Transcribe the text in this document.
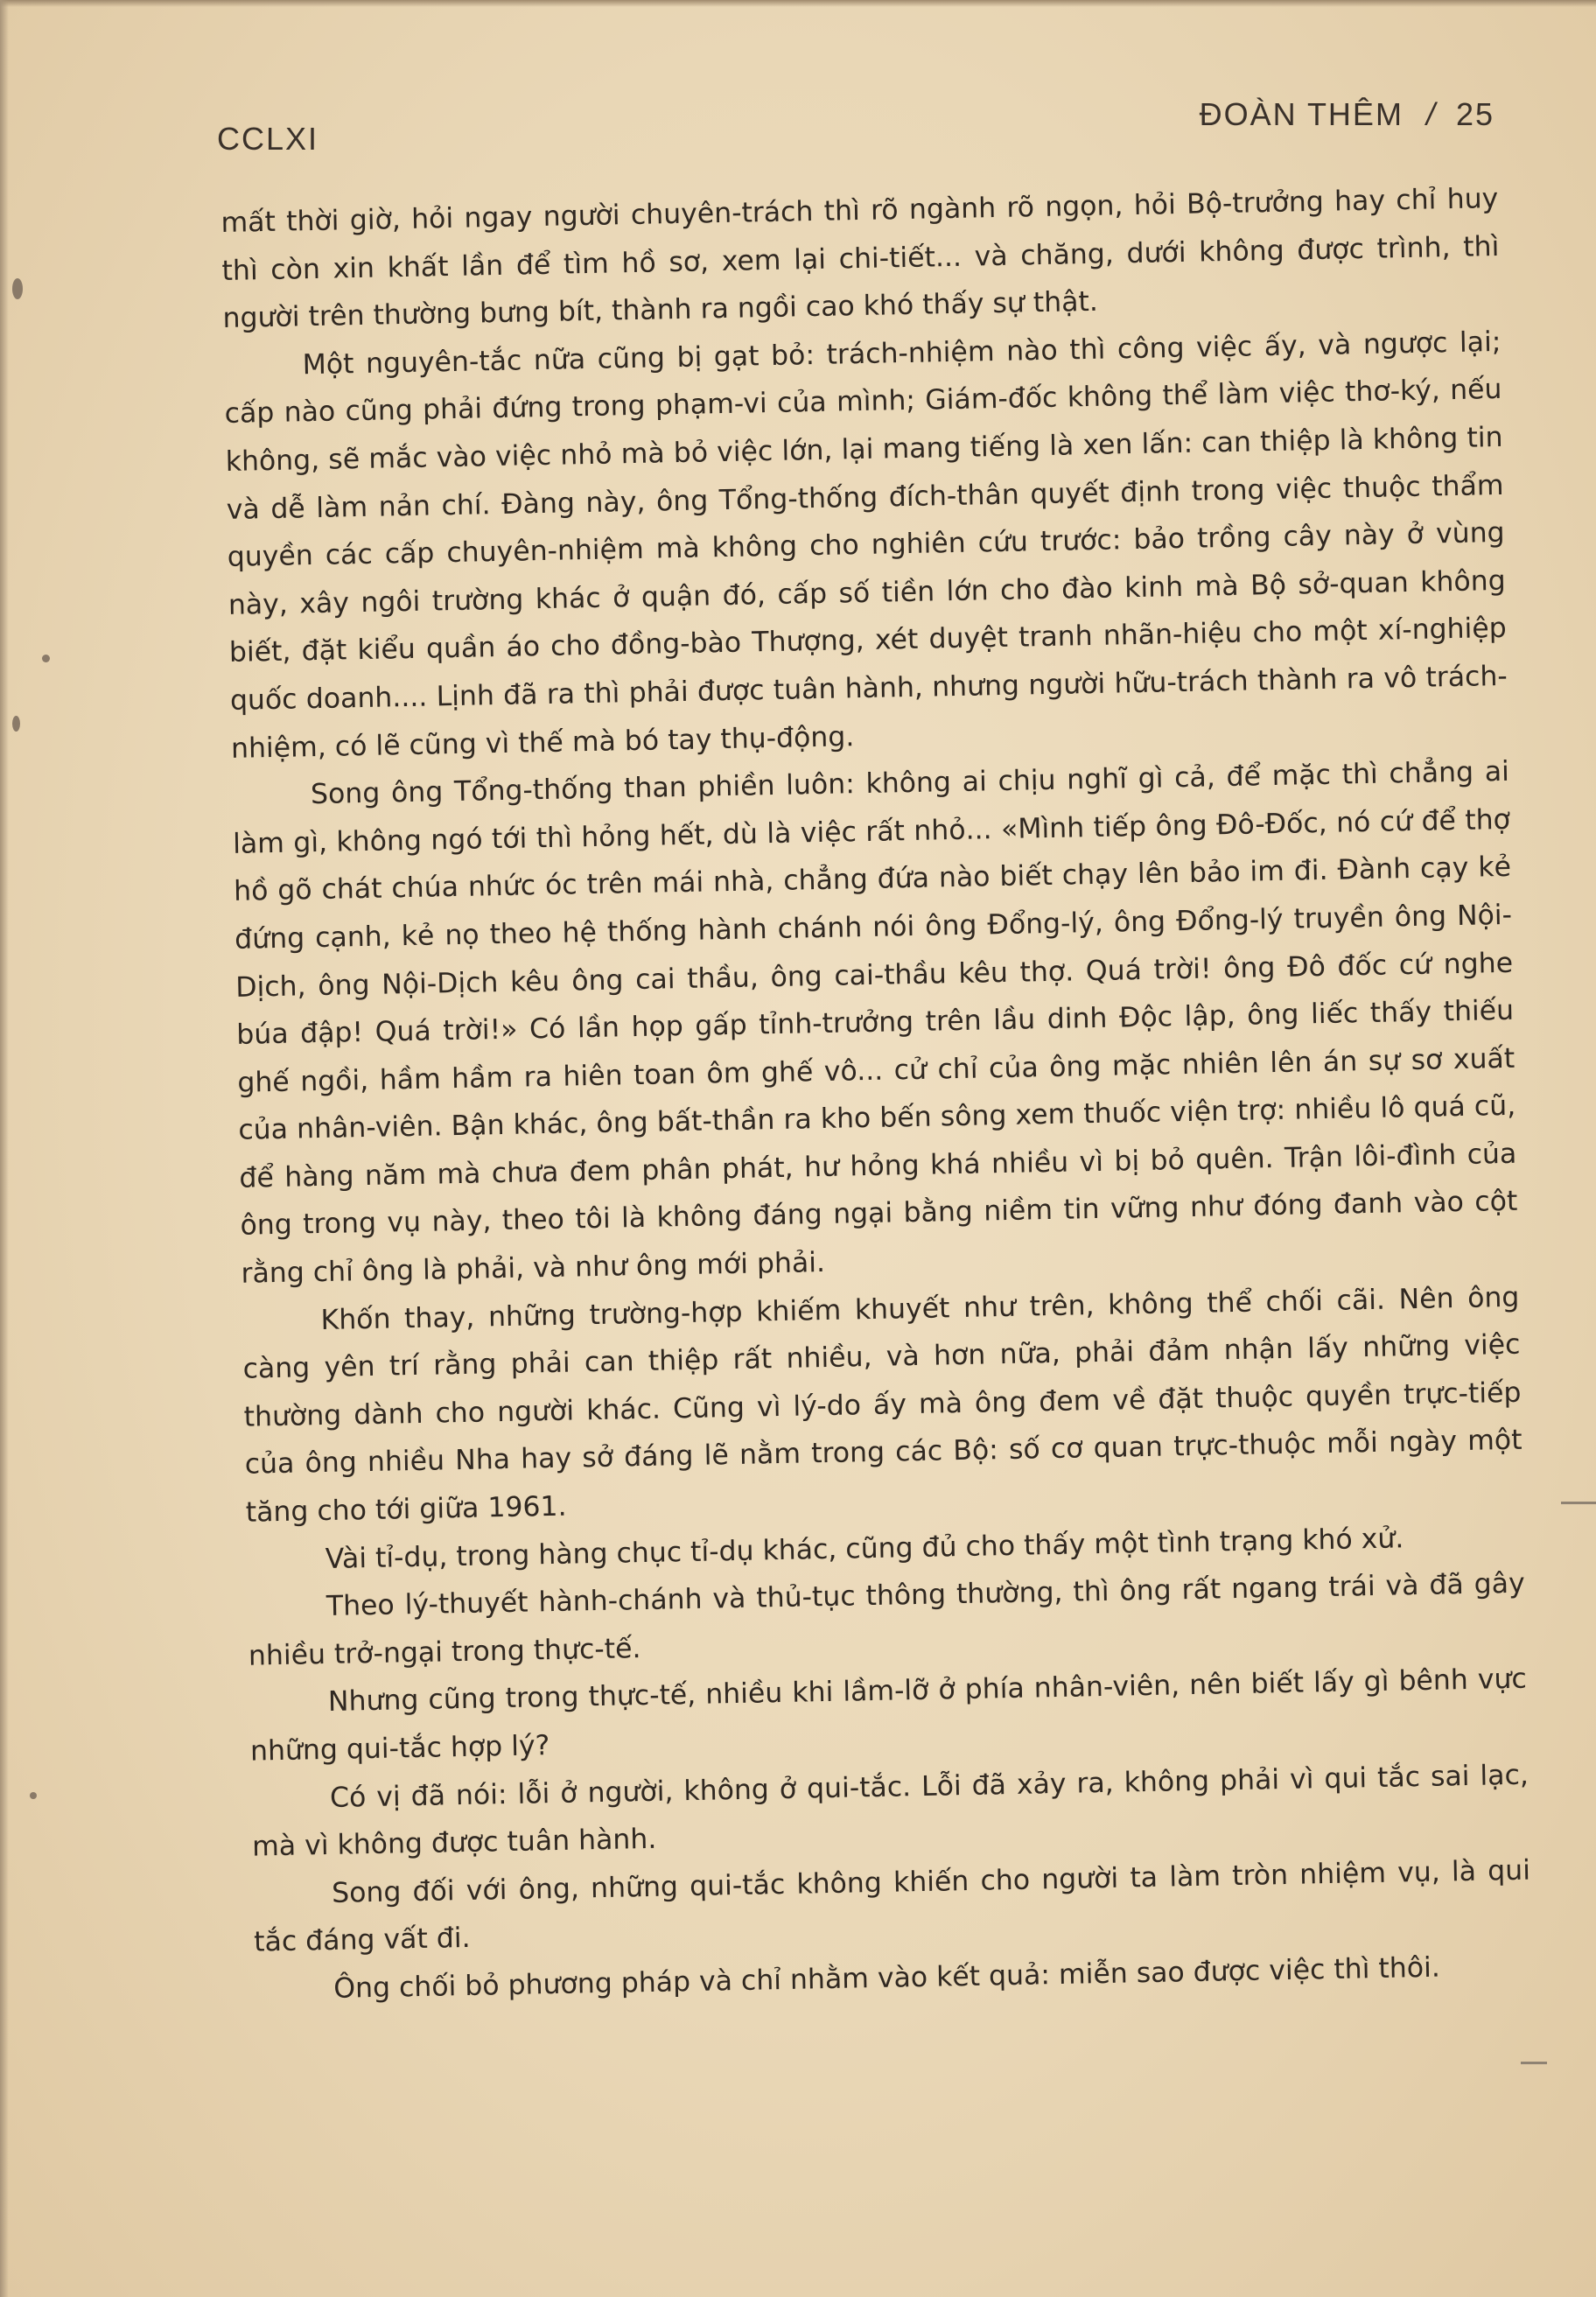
CCLXI
ĐOÀN THÊM / 25

mất thời giờ, hỏi ngay người chuyên-trách thì rõ ngành rõ ngọn, hỏi Bộ-trưởng hay chỉ huy thì còn xin khất lần để tìm hồ sơ, xem lại chi-tiết... và chăng, dưới không được trình, thì người trên thường bưng bít, thành ra ngồi cao khó thấy sự thật.

Một nguyên-tắc nữa cũng bị gạt bỏ: trách-nhiệm nào thì công việc ấy, và ngược lại; cấp nào cũng phải đứng trong phạm-vi của mình; Giám-đốc không thể làm việc thơ-ký, nếu không, sẽ mắc vào việc nhỏ mà bỏ việc lớn, lại mang tiếng là xen lấn: can thiệp là không tin và dễ làm nản chí. Đàng này, ông Tổng-thống đích-thân quyết định trong việc thuộc thẩm quyền các cấp chuyên-nhiệm mà không cho nghiên cứu trước: bảo trồng cây này ở vùng này, xây ngôi trường khác ở quận đó, cấp số tiền lớn cho đào kinh mà Bộ sở-quan không biết, đặt kiểu quần áo cho đồng-bào Thượng, xét duyệt tranh nhãn-hiệu cho một xí-nghiệp quốc doanh.... Lịnh đã ra thì phải được tuân hành, nhưng người hữu-trách thành ra vô trách-nhiệm, có lẽ cũng vì thế mà bó tay thụ-động.

Song ông Tổng-thống than phiền luôn: không ai chịu nghĩ gì cả, để mặc thì chẳng ai làm gì, không ngó tới thì hỏng hết, dù là việc rất nhỏ... «Mình tiếp ông Đô-Đốc, nó cứ để thợ hồ gõ chát chúa nhức óc trên mái nhà, chẳng đứa nào biết chạy lên bảo im đi. Đành cạy kẻ đứng cạnh, kẻ nọ theo hệ thống hành chánh nói ông Đổng-lý, ông Đổng-lý truyền ông Nội-Dịch, ông Nội-Dịch kêu ông cai thầu, ông cai-thầu kêu thợ. Quá trời! ông Đô đốc cứ nghe búa đập! Quá trời!» Có lần họp gấp tỉnh-trưởng trên lầu dinh Độc lập, ông liếc thấy thiếu ghế ngồi, hầm hầm ra hiên toan ôm ghế vô... cử chỉ của ông mặc nhiên lên án sự sơ xuất của nhân-viên. Bận khác, ông bất-thần ra kho bến sông xem thuốc viện trợ: nhiều lô quá cũ, để hàng năm mà chưa đem phân phát, hư hỏng khá nhiều vì bị bỏ quên. Trận lôi-đình của ông trong vụ này, theo tôi là không đáng ngại bằng niềm tin vững như đóng đanh vào cột rằng chỉ ông là phải, và như ông mới phải.

Khốn thay, những trường-hợp khiếm khuyết như trên, không thể chối cãi. Nên ông càng yên trí rằng phải can thiệp rất nhiều, và hơn nữa, phải đảm nhận lấy những việc thường dành cho người khác. Cũng vì lý-do ấy mà ông đem về đặt thuộc quyền trực-tiếp của ông nhiều Nha hay sở đáng lẽ nằm trong các Bộ: số cơ quan trực-thuộc mỗi ngày một tăng cho tới giữa 1961.

Vài tỉ-dụ, trong hàng chục tỉ-dụ khác, cũng đủ cho thấy một tình trạng khó xử.

Theo lý-thuyết hành-chánh và thủ-tục thông thường, thì ông rất ngang trái và đã gây nhiều trở-ngại trong thực-tế.

Nhưng cũng trong thực-tế, nhiều khi lầm-lỡ ở phía nhân-viên, nên biết lấy gì bênh vực những qui-tắc hợp lý?

Có vị đã nói: lỗi ở người, không ở qui-tắc. Lỗi đã xảy ra, không phải vì qui tắc sai lạc, mà vì không được tuân hành.

Song đối với ông, những qui-tắc không khiến cho người ta làm tròn nhiệm vụ, là qui tắc đáng vất đi.

Ông chối bỏ phương pháp và chỉ nhằm vào kết quả: miễn sao được việc thì thôi.
